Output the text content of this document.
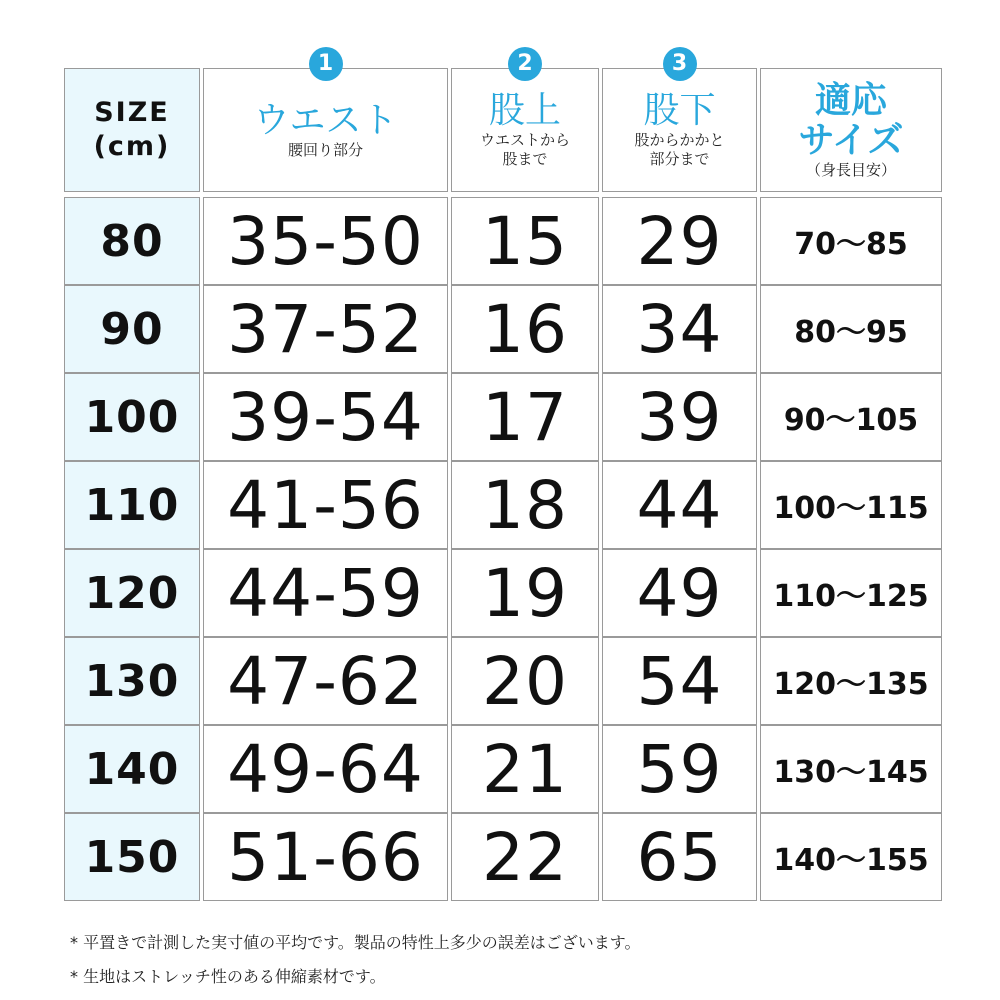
SIZE
(cm)
1
ウエスト
腰回り部分
2
股上
ウエストから
股まで
3
股下
股からかかと
部分まで
適応
サイズ
（身長目安）
80 35-50 15 29 70〜85
90 37-52 16 34 80〜95
100 39-54 17 39 90〜105
110 41-56 18 44 100〜115
120 44-59 19 49 110〜125
130 47-62 20 54 120〜135
140 49-64 21 59 130〜145
150 51-66 22 65 140〜155
* 平置きで計測した実寸値の平均です。製品の特性上多少の誤差はございます。
* 生地はストレッチ性のある伸縮素材です。
